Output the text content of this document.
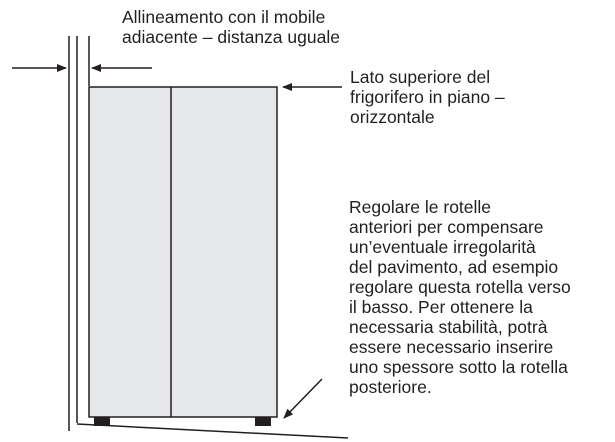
Allineamento con il mobile
adiacente – distanza uguale

Lato superiore del
frigorifero in piano –
orizzontale

Regolare le rotelle
anteriori per compensare
un’eventuale irregolarità
del pavimento, ad esempio
regolare questa rotella verso
il basso. Per ottenere la
necessaria stabilità, potrà
essere necessario inserire
uno spessore sotto la rotella
posteriore.
